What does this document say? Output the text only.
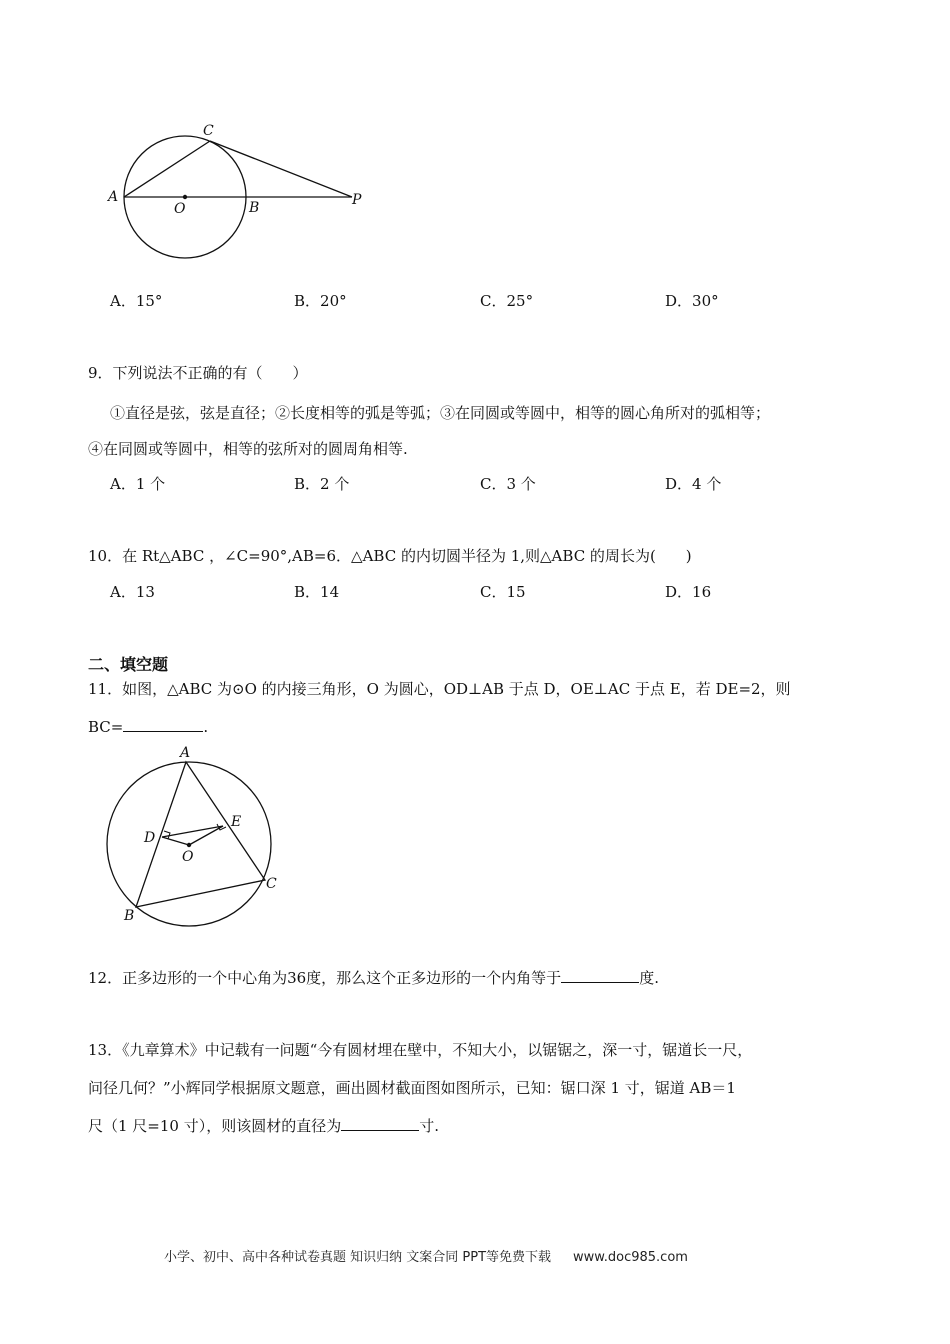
A
O	B
C
P
A．15°	B．20°	C．25°	D．30°
9．下列说法不正确的有（　　）
①直径是弦，弦是直径；②长度相等的弧是等弧；③在同圆或等圆中，相等的圆心角所对的弧相等；
④在同圆或等圆中，相等的弦所对的圆周角相等.
A．1 个	B．2 个	C．3 个	D．4 个
10．在 Rt△ABC ，∠C=90°,AB=6．△ABC 的内切圆半径为 1,则△ABC 的周长为(　　)
A．13	B．14	C．15	D．16
二、填空题
11．如图，△ABC 为⊙O 的内接三角形，O 为圆心，OD⊥AB 于点 D，OE⊥AC 于点 E，若 DE=2，则
BC=	.
A
B
C
D
E
O
12．正多边形的一个中心角为36度，那么这个正多边形的一个内角等于	度.
13．《九章算术》中记载有一问题“今有圆材埋在壁中，不知大小，以锯锯之，深一寸，锯道长一尺，
问径几何？”小辉同学根据原文题意，画出圆材截面图如图所示，已知：锯口深 1 寸，锯道 AB＝1
尺（1 尺=10 寸），则该圆材的直径为	寸.
小学、初中、高中各种试卷真题 知识归纳 文案合同 PPT等免费下载 www.doc985.com
